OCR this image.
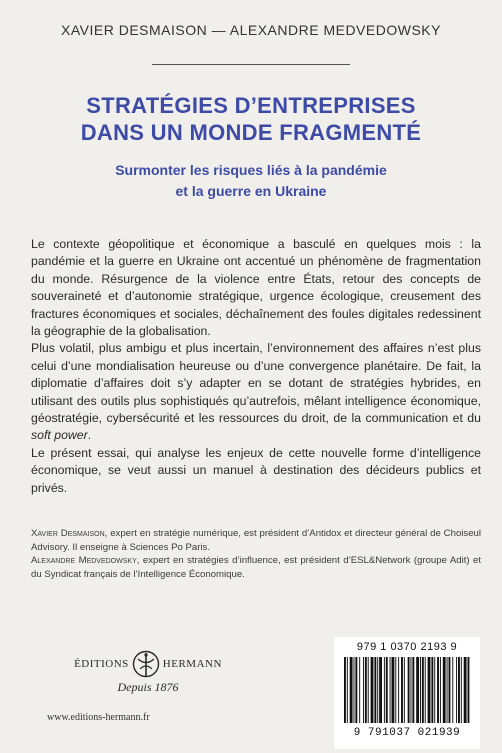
XAVIER DESMAISON — ALEXANDRE MEDVEDOWSKY
STRATÉGIES D’ENTREPRISES
DANS UN MONDE FRAGMENTÉ
Surmonter les risques liés à la pandémie
et la guerre en Ukraine

Le contexte géopolitique et économique a basculé en quelques mois : la pandémie et la guerre en Ukraine ont accentué un phénomène de fragmentation du monde. Résurgence de la violence entre États, retour des concepts de souveraineté et d’autonomie stratégique, urgence écologique, creusement des fractures économiques et sociales, déchaînement des foules digitales redessinent la géographie de la globalisation.

Plus volatil, plus ambigu et plus incertain, l’environnement des affaires n’est plus celui d’une mondialisation heureuse ou d’une convergence planétaire. De fait, la diplomatie d’affaires doit s’y adapter en se dotant de stratégies hybrides, en utilisant des outils plus sophistiqués qu’autrefois, mêlant intelligence économique, géostratégie, cybersécurité et les ressources du droit, de la communication et du soft power.

Le présent essai, qui analyse les enjeux de cette nouvelle forme d’intelligence économique, se veut aussi un manuel à destination des décideurs publics et privés.

Xavier Desmaison, expert en stratégie numérique, est président d’Antidox et directeur général de Choiseul Advisory. Il enseigne à Sciences Po Paris.

Alexandre Medvedowsky, expert en stratégies d’influence, est président d’ESL&Network (groupe Adit) et du Syndicat français de l’Intelligence Économique.

ÉDITIONS	HERMANN
Depuis 1876
www.editions-hermann.fr
979 1 0370 2193 9
9 791037 021939
